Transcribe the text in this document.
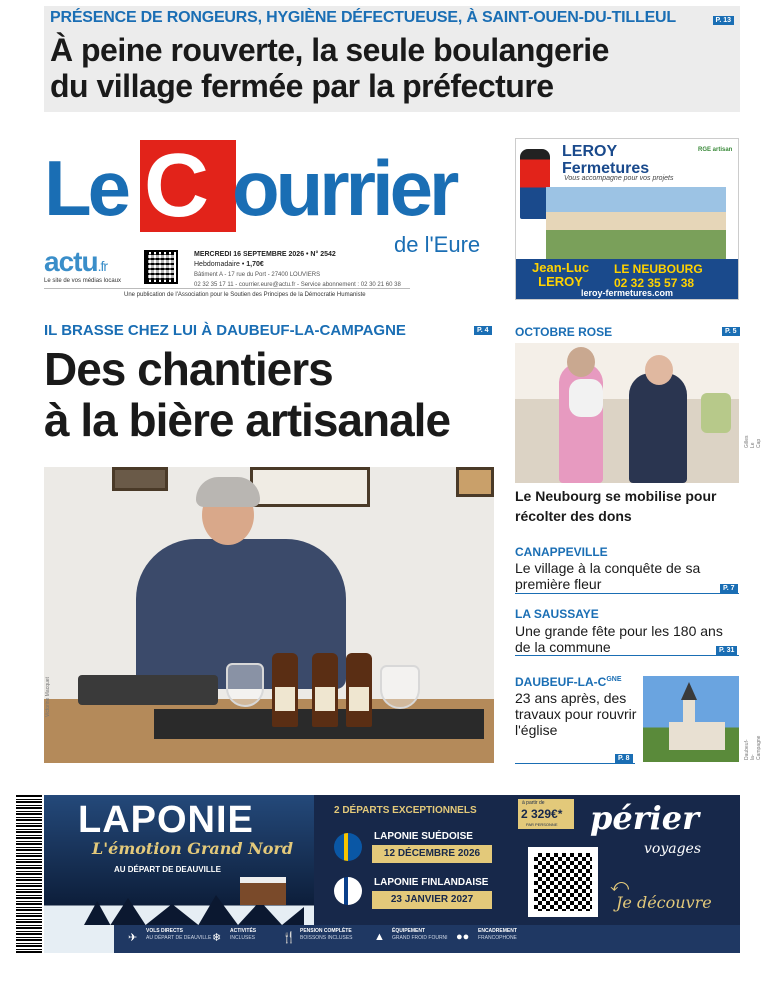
PRÉSENCE DE RONGEURS, HYGIÈNE DÉFECTUEUSE, À SAINT-OUEN-DU-TILLEUL	P. 13
À peine rouverte, la seule boulangerie
du village fermée par la préfecture
Le C ourrier
de l'Eure
actu.fr
Le site de vos médias locaux
MERCREDI 16 SEPTEMBRE 2026 • N° 2542
Hebdomadaire • 1,70€
Bâtiment A - 17 rue du Port - 27400 LOUVIERS
02 32 35 17 11 - courrier.eure@actu.fr - Service abonnement : 02 30 21 60 38
Une publication de l'Association pour le Soutien des Principes de la Démocratie Humaniste
LEROY
Fermetures
RGE artisan
Vous accompagne pour vos projets
Jean-Luc
LEROY
LE NEUBOURG
02 32 35 57 38
leroy-fermetures.com
IL BRASSE CHEZ LUI À DAUBEUF-LA-CAMPAGNE	P. 4
Des chantiers
à la bière artisanale
Victorine Macquet
OCTOBRE ROSE	P. 5
Gilles Le Cap
Le Neubourg se mobilise pour récolter des dons
CANAPPEVILLE
Le village à la conquête de sa première fleur	P. 7
LA SAUSSAYE
Une grande fête pour les 180 ans de la commune	P. 31
DAUBEUF-$LA-C^{GNE}$
23 ans après, des travaux pour rouvrir l'église
P. 8	Daubeuf-la-Campagne
LAPONIE
L'émotion Grand Nord
AU DÉPART DE DEAUVILLE
2 DÉPARTS EXCEPTIONNELS
à partir de
2 329€*
PAR PERSONNE
LAPONIE SUÉDOISE
12 DÉCEMBRE 2026
LAPONIE FINLANDAISE
23 JANVIER 2027
périer
voyages
⤺
Je découvre
✈
VOLS DIRECTS
AU DÉPART DE DEAUVILLE ❄
ACTIVITÉS
INCLUSES 🍴
PENSION COMPLÈTE
BOISSONS INCLUSES ▲ ÉQUIPEMENT
GRAND FROID FOURNI ●● ENCADREMENT
FRANCOPHONE
